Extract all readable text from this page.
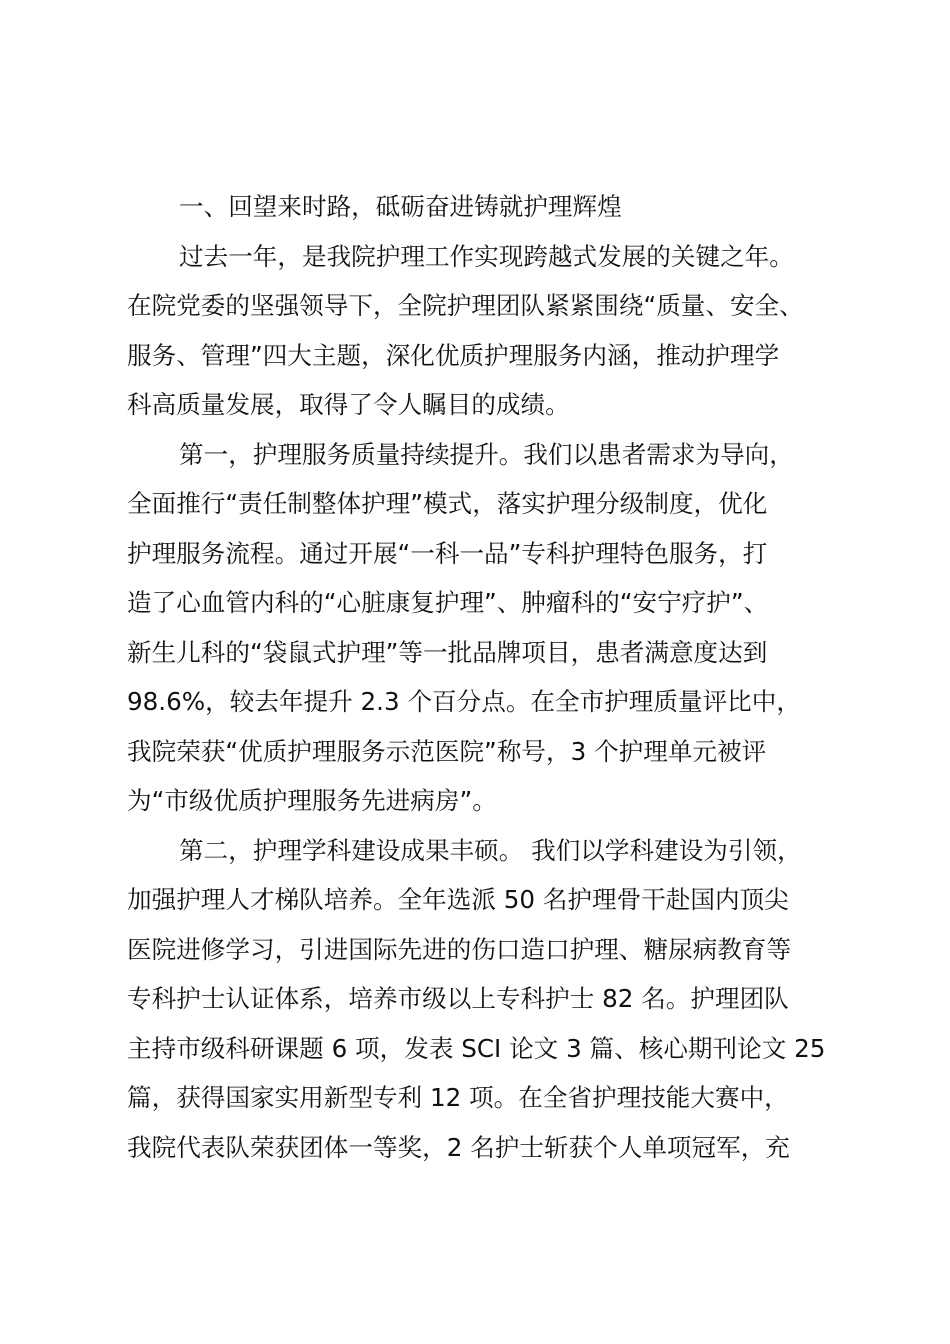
一、回望来时路，砥砺奋进铸就护理辉煌
过去一年，是我院护理工作实现跨越式发展的关键之年。
在院党委的坚强领导下，全院护理团队紧紧围绕“质量、安全、
服务、管理”四大主题，深化优质护理服务内涵，推动护理学
科高质量发展，取得了令人瞩目的成绩。
第一，护理服务质量持续提升。我们以患者需求为导向，
全面推行“责任制整体护理”模式，落实护理分级制度，优化
护理服务流程。通过开展“一科一品”专科护理特色服务，打
造了心血管内科的“心脏康复护理”、肿瘤科的“安宁疗护”、
新生儿科的“袋鼠式护理”等一批品牌项目，患者满意度达到
98.6%，较去年提升 2.3 个百分点。在全市护理质量评比中，
我院荣获“优质护理服务示范医院”称号，3 个护理单元被评
为“市级优质护理服务先进病房”。
第二，护理学科建设成果丰硕。 我们以学科建设为引领，
加强护理人才梯队培养。全年选派 50 名护理骨干赴国内顶尖
医院进修学习，引进国际先进的伤口造口护理、糖尿病教育等
专科护士认证体系，培养市级以上专科护士 82 名。护理团队
主持市级科研课题 6 项，发表 SCI 论文 3 篇、核心期刊论文 25
篇，获得国家实用新型专利 12 项。在全省护理技能大赛中，
我院代表队荣获团体一等奖，2 名护士斩获个人单项冠军，充
